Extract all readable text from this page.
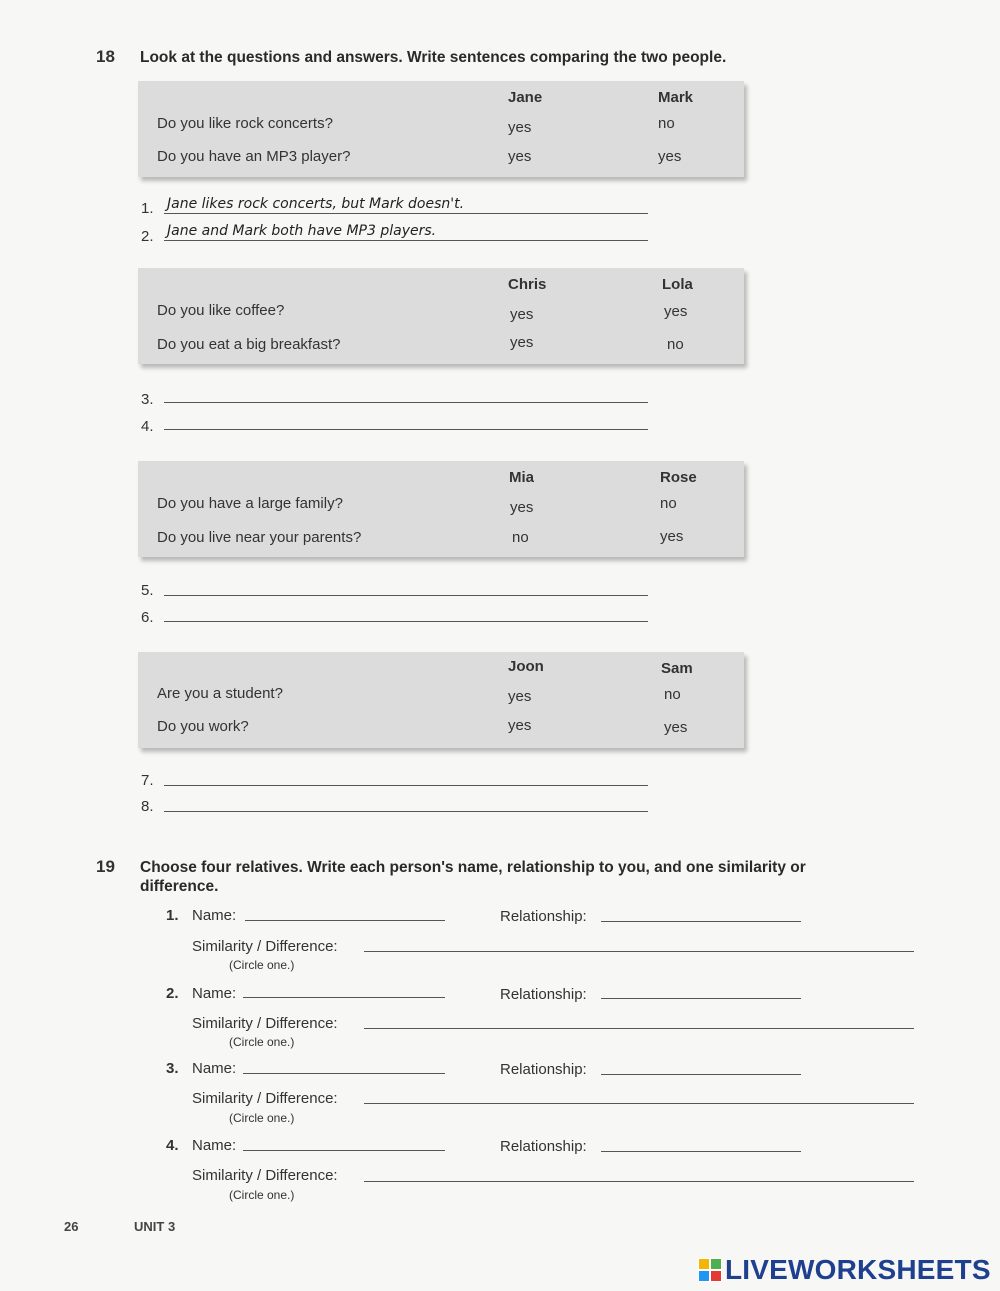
18 Look at the questions and answers. Write sentences comparing the two people.
Jane	Mark
Do you like rock concerts?	yes	no
Do you have an MP3 player?	yes	yes
1. Jane likes rock concerts, but Mark doesn't.
2. Jane and Mark both have MP3 players.
Chris	Lola
Do you like coffee?	yes	yes
Do you eat a big breakfast?	yes	no
3.
4.
Mia	Rose
Do you have a large family?	yes	no
Do you live near your parents?	no	yes
5.
6.
Joon	Sam
Are you a student?	yes	no
Do you work?	yes	yes
7.
8.
19 Choose four relatives. Write each person's name, relationship to you, and one similarity or
difference.
1. Name:	Relationship:
Similarity / Difference:
(Circle one.)
2. Name:	Relationship:
Similarity / Difference:
(Circle one.)
3. Name:	Relationship:
Similarity / Difference:
(Circle one.)
4. Name:	Relationship:
Similarity / Difference:
(Circle one.)
26	UNIT 3
LIVEWORKSHEETS
